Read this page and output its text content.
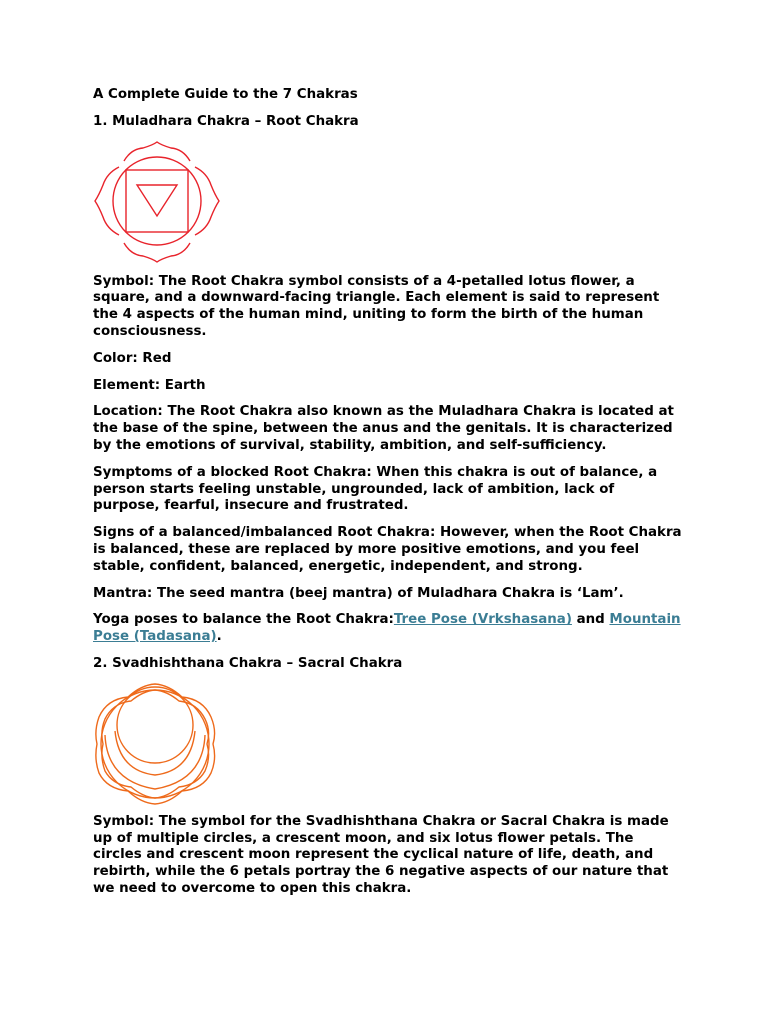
A Complete Guide to the 7 Chakras

1. Muladhara Chakra – Root Chakra

Symbol: The Root Chakra symbol consists of a 4-petalled lotus flower, a square, and a downward-facing triangle. Each element is said to represent the 4 aspects of the human mind, uniting to form the birth of the human consciousness.

Color: Red

Element: Earth

Location: The Root Chakra also known as the Muladhara Chakra is located at the base of the spine, between the anus and the genitals. It is characterized by the emotions of survival, stability, ambition, and self-sufficiency.

Symptoms of a blocked Root Chakra: When this chakra is out of balance, a person starts feeling unstable, ungrounded, lack of ambition, lack of purpose, fearful, insecure and frustrated.

Signs of a balanced/imbalanced Root Chakra: However, when the Root Chakra is balanced, these are replaced by more positive emotions, and you feel stable, confident, balanced, energetic, independent, and strong.

Mantra: The seed mantra (beej mantra) of Muladhara Chakra is ‘Lam’.

Yoga poses to balance the Root Chakra:Tree Pose (Vrkshasana) and Mountain Pose (Tadasana).

2. Svadhishthana Chakra – Sacral Chakra

Symbol: The symbol for the Svadhishthana Chakra or Sacral Chakra is made up of multiple circles, a crescent moon, and six lotus flower petals. The circles and crescent moon represent the cyclical nature of life, death, and rebirth, while the 6 petals portray the 6 negative aspects of our nature that we need to overcome to open this chakra.
